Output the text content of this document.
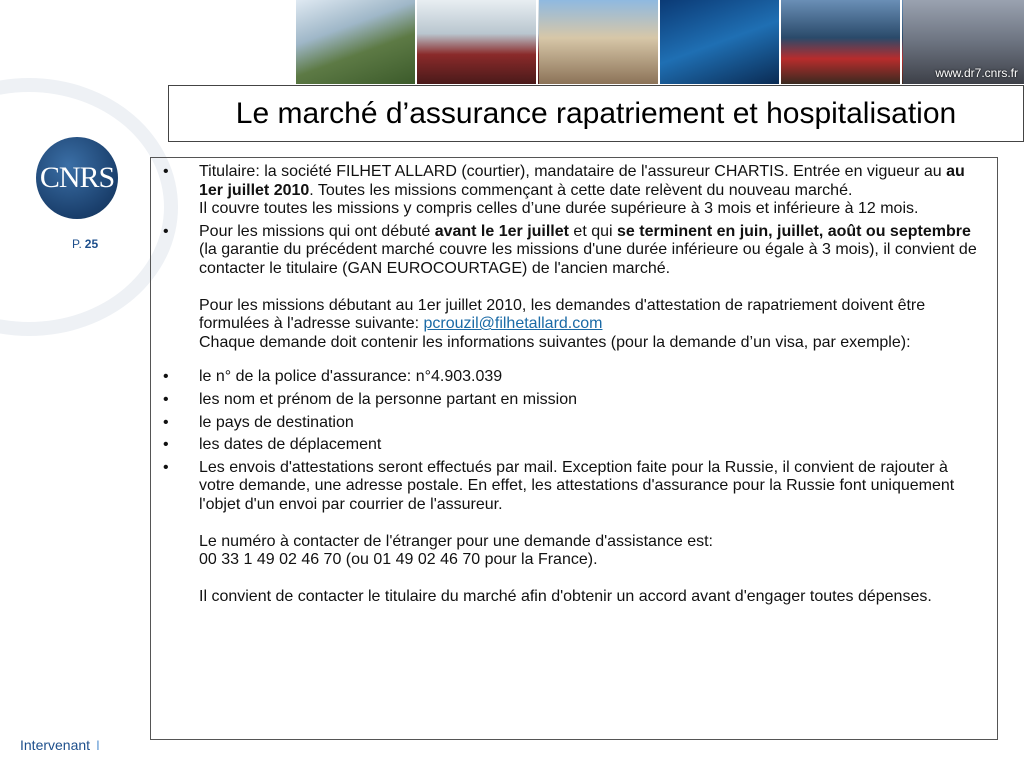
www.dr7.cnrs.fr
CNRS
P. 25
Le marché d’assurance rapatriement et hospitalisation
•	Titulaire: la société FILHET ALLARD (courtier), mandataire de l'assureur CHARTIS. Entrée en vigueur au au 1er juillet 2010. Toutes les missions commençant à cette date relèvent du nouveau marché.

Il couvre toutes les missions y compris celles d’une durée supérieure à 3 mois et inférieure à 12 mois.

•	Pour les missions qui ont débuté avant le 1er juillet et qui se terminent en juin, juillet, août ou septembre (la garantie du précédent marché couvre les missions d'une durée inférieure ou égale à 3 mois), il convient de contacter le titulaire (GAN EUROCOURTAGE) de l'ancien marché.

Pour les missions débutant au 1er juillet 2010, les demandes d'attestation de rapatriement doivent être formulées à l'adresse suivante: pcrouzil@filhetallard.com

Chaque demande doit contenir les informations suivantes (pour la demande d’un visa, par exemple):

•	le n° de la police d'assurance: n°4.903.039
•	les nom et prénom de la personne partant en mission
•	le pays de destination
•	les dates de déplacement
•	Les envois d'attestations seront effectués par mail. Exception faite pour la Russie, il convient de rajouter à votre demande, une adresse postale. En effet, les attestations d'assurance pour la Russie font uniquement l'objet d'un envoi par courrier de l'assureur.

Le numéro à contacter de l'étranger pour une demande d'assistance est:

00 33 1 49 02 46 70 (ou 01 49 02 46 70 pour la France).

Il convient de contacter le titulaire du marché afin d'obtenir un accord avant d'engager toutes dépenses.

Intervenant I
